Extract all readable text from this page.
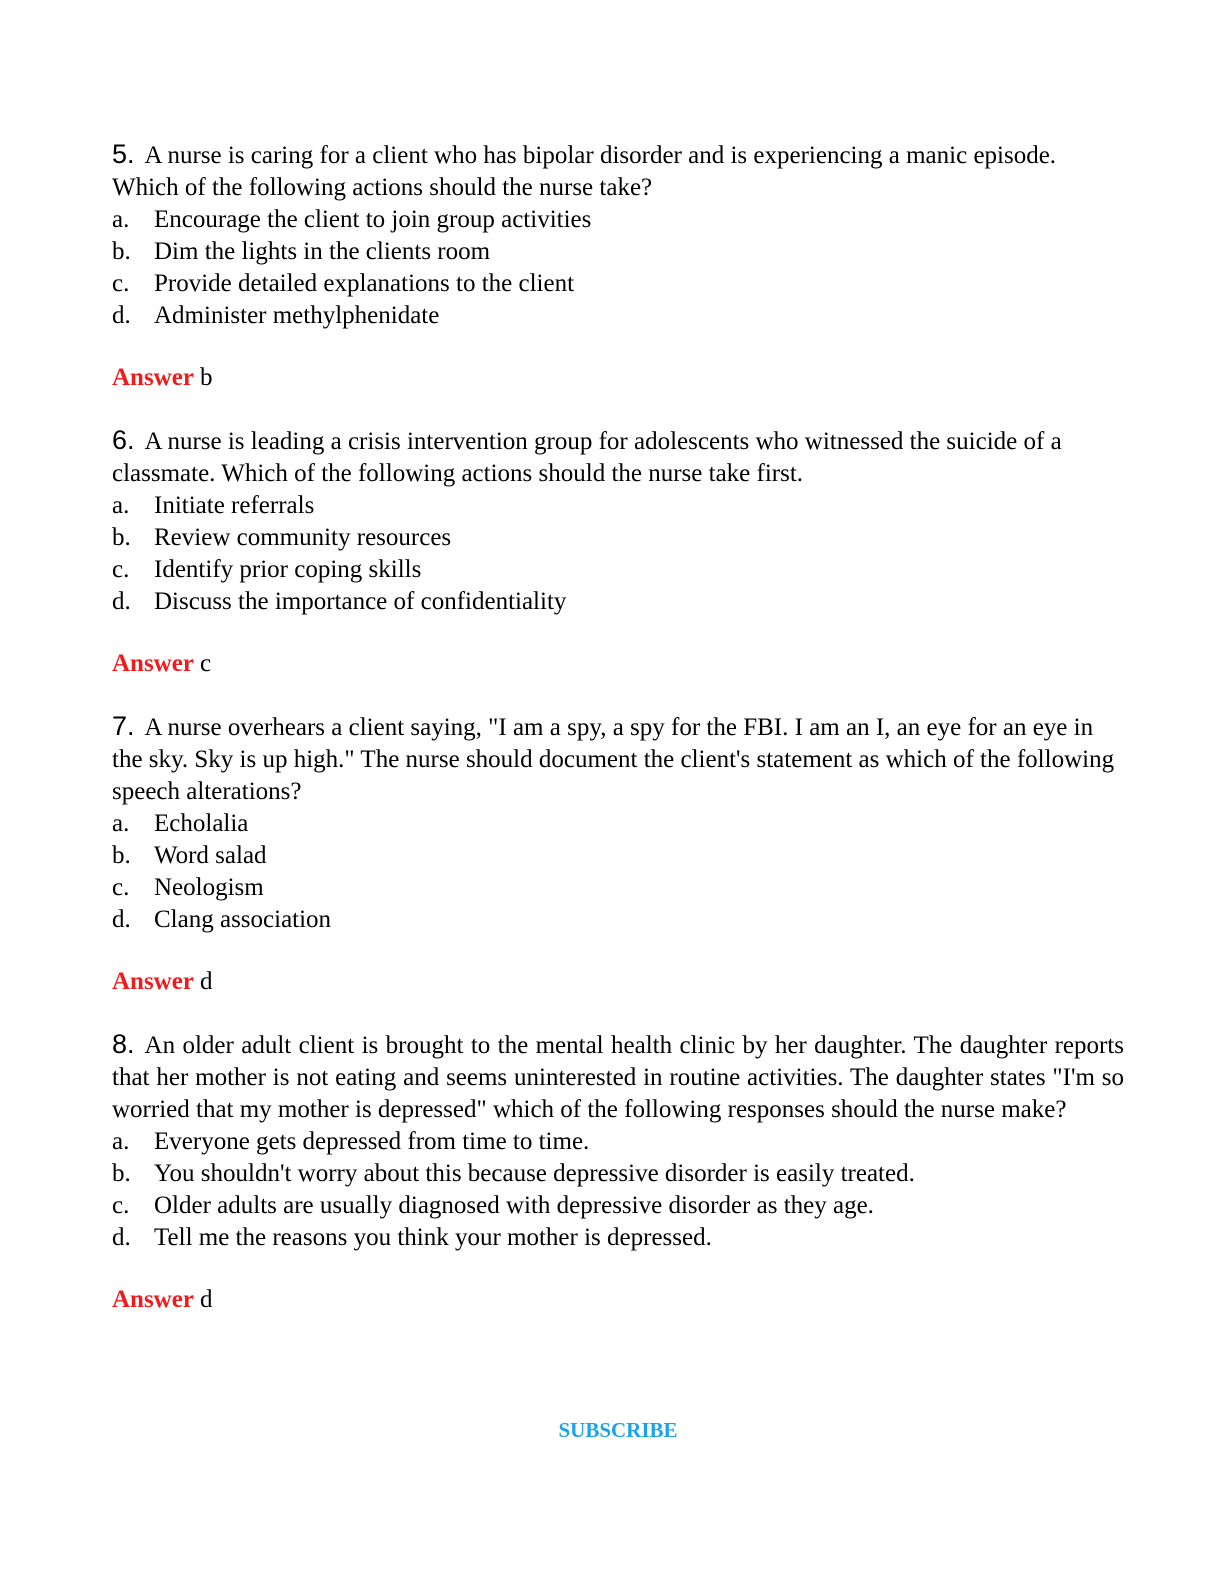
5. A nurse is caring for a client who has bipolar disorder and is experiencing a manic episode. Which of the following actions should the nurse take?

a. Encourage the client to join group activities
b. Dim the lights in the clients room
c. Provide detailed explanations to the client
d. Administer methylphenidate
Answer b

6. A nurse is leading a crisis intervention group for adolescents who witnessed the suicide of a classmate. Which of the following actions should the nurse take first.

a. Initiate referrals
b. Review community resources
c. Identify prior coping skills
d. Discuss the importance of confidentiality
Answer c

7. A nurse overhears a client saying, "I am a spy, a spy for the FBI. I am an I, an eye for an eye in the sky. Sky is up high." The nurse should document the client's statement as which of the following speech alterations?

a. Echolalia
b. Word salad
c. Neologism
d. Clang association
Answer d

8. An older adult client is brought to the mental health clinic by her daughter. The daughter reports that her mother is not eating and seems uninterested in routine activities. The daughter states "I'm so worried that my mother is depressed" which of the following responses should the nurse make?

a. Everyone gets depressed from time to time.
b. You shouldn't worry about this because depressive disorder is easily treated.
c. Older adults are usually diagnosed with depressive disorder as they age.
d. Tell me the reasons you think your mother is depressed.
Answer d
SUBSCRIBE
